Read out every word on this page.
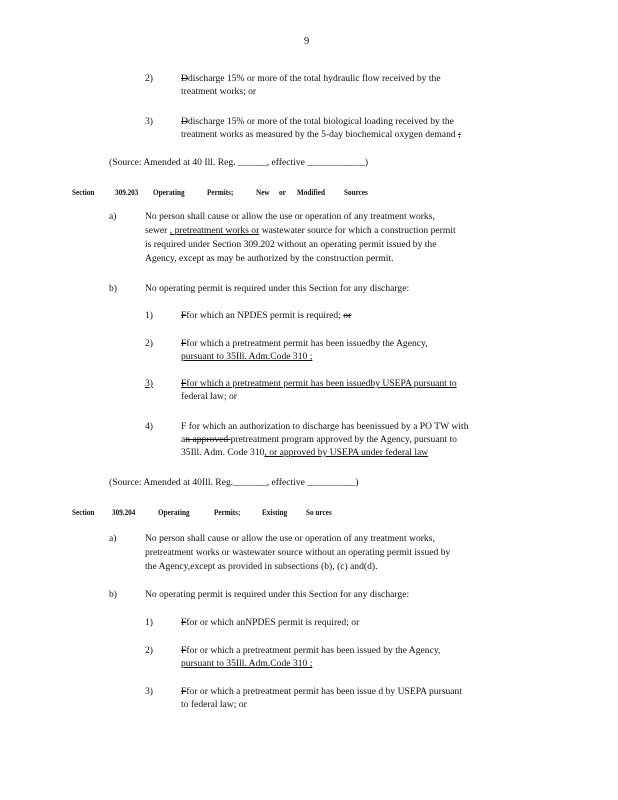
9
2)	Ddischarge 15% or more of the total hydraulic flow received by the
treatment works; or
3)	Ddischarge 15% or more of the total biological loading received by the
treatment works as measured by the 5-day biochemical oxygen demand ;
(Source: Amended at 40 Ill. Reg. ______, effective ____________)
Section	309.203 Operating	Permits;	New or Modified	Sources
a)	No person shall cause or allow the use or operation of any treatment works,
sewer , pretreatment works or wastewater source for which a construction permit
is required under Section 309.202 without an operating permit issued by the
Agency, except as may be authorized by the construction permit.
b)	No operating permit is required under this Section for any discharge:
1)	Ffor which an NPDES permit is required; or
2)	Ffor which a pretreatment permit has been issuedby the Agency,
pursuant to 35Ill. Adm.Code 310 ;
3)	Ffor which a pretreatment permit has been issuedby USEPA pursuant to
federal law; or
4)	F for which an authorization to discharge has beenissued by a PO TW with
an approved pretreatment program approved by the Agency, pursuant to
35Ill. Adm. Code 310, or approved by USEPA under federal law
(Source: Amended at 40Ill. Reg._______, effective __________)
Section 309.204	Operating	Permits;	Existing	So urces
a)	No person shall cause or allow the use or operation of any treatment works,
pretreatment works or wastewater source without an operating permit issued by
the Agency,except as provided in subsections (b), (c) and(d).
b)	No operating permit is required under this Section for any discharge:
1)	Ffor or which anNPDES permit is required; or
2)	Ffor or which a pretreatment permit has been issued by the Agency,
pursuant to 35Ill. Adm.Code 310 ;
3)	Ffor or which a pretreatment permit has been issue d by USEPA pursuant
to federal law; or
